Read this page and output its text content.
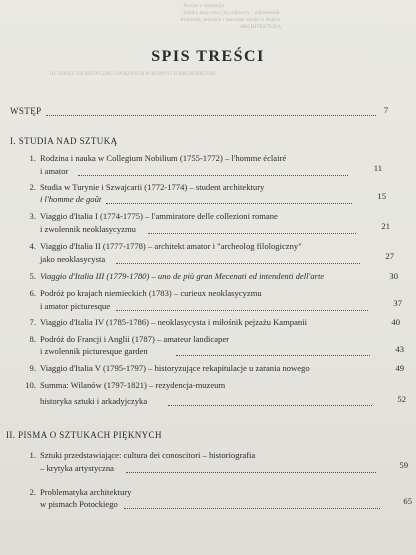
· Portret z ilustracja
· Sztuka antyczna i jej odbiorcy · odniesienia
Architekt, teoretyk i mecenas sztuki w Polsce
ARCHITEKTURA
III. SZKICE TEORETYCZNE O POKOJACH W ROWNYCH ARCHITEKTURY
SPIS TREŚCI
WSTĘP	7
I. STUDIA NAD SZTUKĄ
1. Rodzina i nauka w Collegium Nobilium (1755-1772) – l'homme éclairé
i amator	11
2. Studia w Turynie i Szwajcarii (1772-1774) – student architektury
i l'homme de goût	15
3. Viaggio d'Italia I (1774-1775) – l'ammiratore delle collezioni romane
i zwolennik neoklasycyzmu	21
4. Viaggio d'Italia II (1777-1778) – architekt amator i "archeolog filologiczny"
jako neoklasycysta	27
5. Viaggio d'Italia III (1779-1780) – uno de più gran Mecenati ed intendenti dell'arte	30
6. Podróż po krajach niemieckich (1783) – curieux neoklasycyzmu
i amator picturesque	37
7. Viaggio d'Italia IV (1785-1786) – neoklasycysta i miłośnik pejzażu Kampanii	40
8. Podróż do Francji i Anglii (1787) – amateur landicaper
i zwolennik picturesque garden	43
9. Viaggio d'Italia V (1795-1797) – historyzujące rekapitulacje u zarania nowego	49
10. Summa: Wilanów (1797-1821) – rezydencja-muzeum
historyka sztuki i arkadyjczyka	52
II. PISMA O SZTUKACH PIĘKNYCH
1. Sztuki przedstawiające: cultura dei conoscitori – historiografia
– krytyka artystyczna	59
2. Problematyka architektury
w pismach Potockiego	65
